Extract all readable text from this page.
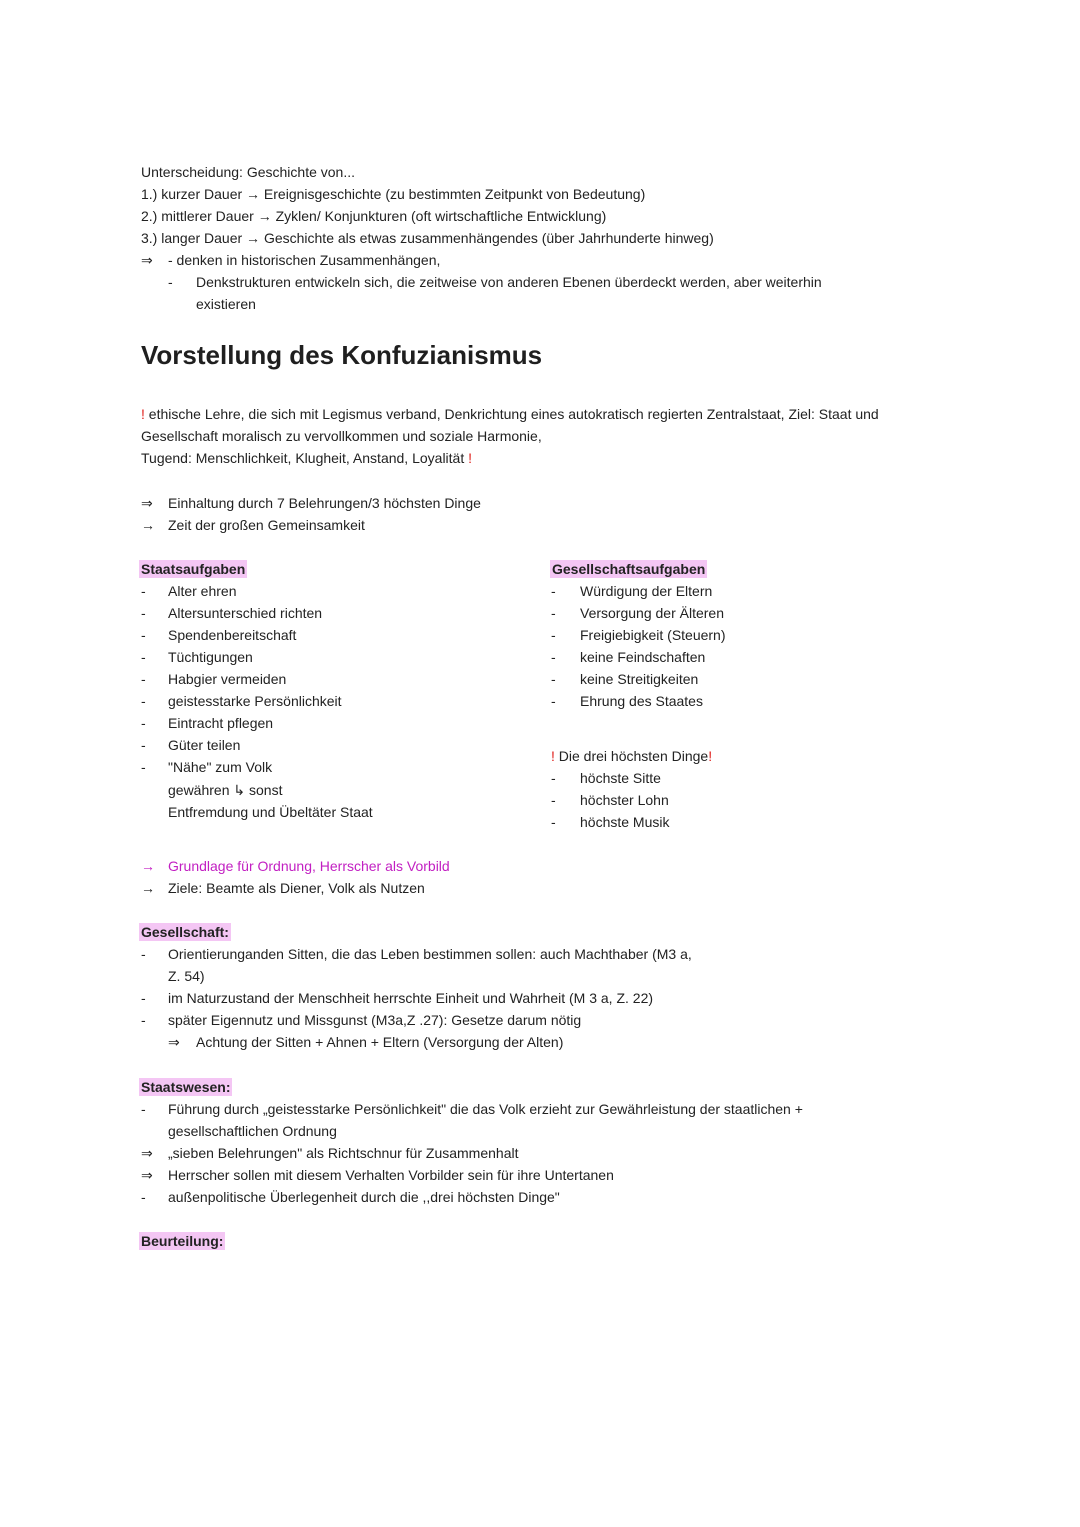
Unterscheidung: Geschichte von...
1.) kurzer Dauer → Ereignisgeschichte (zu bestimmten Zeitpunkt von Bedeutung)
2.) mittlerer Dauer → Zyklen/ Konjunkturen (oft wirtschaftliche Entwicklung)
3.) langer Dauer → Geschichte als etwas zusammenhängendes (über Jahrhunderte hinweg)
⇒ - denken in historischen Zusammenhängen,
- Denkstrukturen entwickeln sich, die zeitweise von anderen Ebenen überdeckt werden, aber weiterhin
existieren
Vorstellung des Konfuzianismus
! ethische Lehre, die sich mit Legismus verband, Denkrichtung eines autokratisch regierten Zentralstaat, Ziel: Staat und
Gesellschaft moralisch zu vervollkommen und soziale Harmonie,
Tugend: Menschlichkeit, Klugheit, Anstand, Loyalität !
⇒ Einhaltung durch 7 Belehrungen/3 höchsten Dinge
→ Zeit der großen Gemeinsamkeit
Staatsaufgaben
- Alter ehren
- Altersunterschied richten
- Spendenbereitschaft
- Tüchtigungen
- Habgier vermeiden
- geistesstarke Persönlichkeit
- Eintracht pflegen
- Güter teilen
- "Nähe" zum Volk
gewähren ↳ sonst
Entfremdung und Übeltäter Staat
Gesellschaftsaufgaben
- Würdigung der Eltern
- Versorgung der Älteren
- Freigiebigkeit (Steuern)
- keine Feindschaften
- keine Streitigkeiten
- Ehrung des Staates
! Die drei höchsten Dinge!
- höchste Sitte
- höchster Lohn
- höchste Musik
→ Grundlage für Ordnung, Herrscher als Vorbild
→ Ziele: Beamte als Diener, Volk als Nutzen
Gesellschaft:
- Orientierunganden Sitten, die das Leben bestimmen sollen: auch Machthaber (M3 a,
Z. 54)
- im Naturzustand der Menschheit herrschte Einheit und Wahrheit (M 3 a, Z. 22)
- später Eigennutz und Missgunst (M3a,Z .27): Gesetze darum nötig
⇒ Achtung der Sitten + Ahnen + Eltern (Versorgung der Alten)
Staatswesen:
- Führung durch „geistesstarke Persönlichkeit" die das Volk erzieht zur Gewährleistung der staatlichen +
gesellschaftlichen Ordnung
⇒ „sieben Belehrungen" als Richtschnur für Zusammenhalt
⇒ Herrscher sollen mit diesem Verhalten Vorbilder sein für ihre Untertanen
- außenpolitische Überlegenheit durch die ,,drei höchsten Dinge"
Beurteilung:
